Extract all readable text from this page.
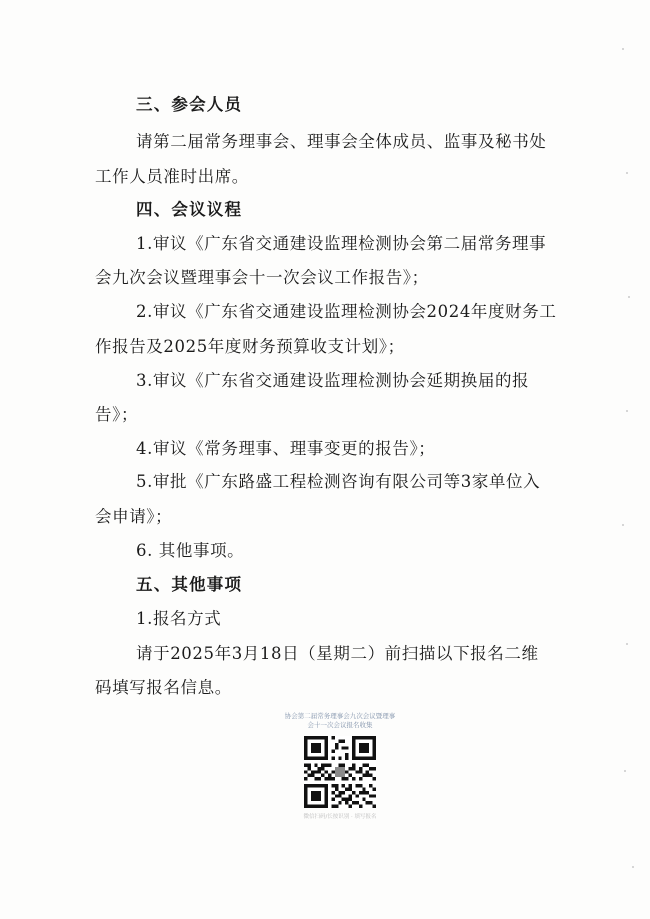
三、参会人员
请第二届常务理事会、理事会全体成员、监事及秘书处
工作人员准时出席。
四、会议议程
1.审议《广东省交通建设监理检测协会第二届常务理事
会九次会议暨理事会十一次会议工作报告》；
2.审议《广东省交通建设监理检测协会2024年度财务工
作报告及2025年度财务预算收支计划》；
3.审议《广东省交通建设监理检测协会延期换届的报
告》；
4.审议《常务理事、理事变更的报告》；
5.审批《广东路盛工程检测咨询有限公司等3家单位入
会申请》；
6. 其他事项。
五、其他事项
1.报名方式
请于2025年3月18日（星期二）前扫描以下报名二维
码填写报名信息。
协会第二届常务理事会九次会议暨理事
会十一次会议报名收集
微信扫码/长按识别 · 填写报名
